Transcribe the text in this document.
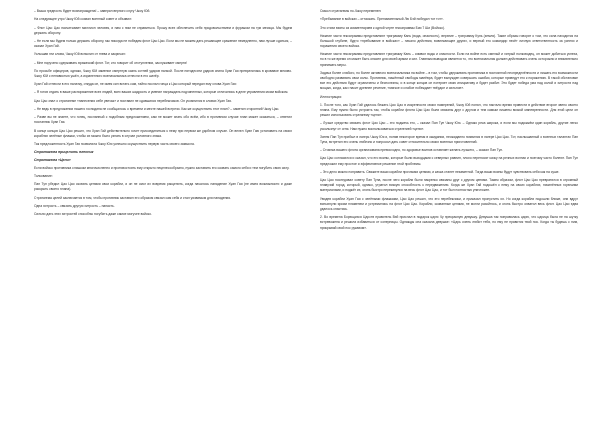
– Выша гредность будет вознаграждена! – заверил верного слугу Чжоу Юй.

На следующее утро Чжоу Юй созвал военный совет и объявил:

– Флот Цао Цао насчитывает миллион человек, и нам с ним не справиться. Прошу всех обеспечить себя продовольствием и фуражом на три месяца. Мы будем держать оборону.

– Не если мы будем только держать оборону, мы никогда не победим флот Цао Цао. Если мы не можем дать решающее сражение немедленно, нам лучше сдаться, – сказал Хуан Гай.

Услышав эти слова, Чжоу Юй вспылил от гнева и закричал:

– Мне поручено сдерживать вражеский флот. Тот, кто говорит об отступлении, заслуживает смерти!

По просьбе офицеров, однако, Чжоу Юй заменил смертную казнь сотней ударов палкой. После пятидесяти ударов спина Хуан Гая превратилась в кровавое месиво. Чжоу Юй с ненавистью ушёл, а израненного военачальника отнесли в его шатёр.

Хуан Гай отнесли в его палатку, откуда он, не имея сил встать сам, тайно послал гонца к Цао который передал ему слова Хуан Гая:

– Я готов отдать в ваше распоряжение всех людей, всех ваших шадрость и умение награждать подчиненных, которые отличились в деле управления моим войском.

Цао Цао знал о стратагеме «нанесения себе увечья» и поставил не сдавшихся перебежчиков. Он усомнился в словах Хуан Гая.

– Не ведь в предложении нашего господина не сообщалось о времени и месте нашей встречи. Как же осуществить этот план? – заметил сторонний Чжоу Цао.

– Разве вы не знаете, что гонец, посланный с подобным предложением, сам не может знать обо всём, ибо в противном случае план может оказаться, – ответил посланник Хуан Гая.

В конце концов Цао Цао решил, что Хуан Гай действительно хочет присоединиться к нему при первом же удобном случае. Он велел Хуан Гаю установить на своих кораблях зелёные флажки, чтобы их можно было узнать в случае условного знака.

Так предложенность Хуан Гая позволила Чжоу Юю успешно осуществить первую часть своего замысла.

Стратагема прицелить пленник

Стратагема «Цепи»

Если войско противника слишком многочисленно и противостоять ему открыто нецелесообразно, нужно заставить его сковать самого себя и тем погубить свою силу.

Толкование:

Пан Тун убедил Цао Цао сковать цепями свои корабли, и он не смог их вовремя расцепить, когда началось нападение Хуан Гая (не имея возможности и даже раскрыть своего плана).

Стратагема целей заключается в том, чтобы противник заставил его образом связал сам себя и стал уязвимым для нападения.

Одна хитрость – связать другую хитрость – напасть.

Сильно дать этих хитростей способны погубить даже самое могучее войско.

Смысл стратагемы по-Чжоу переменен:

«Пребывание в войсках – оттаскать. Пренимательный Лю Бэй победил тот тот».

Это стихи взяты из комментариев к одной черте гексаграммы Бии 7 Ши (Войско).

Нижние части гексаграммы представляют триграмму Кань (вода, опасность), верхние – триграмму Кунь (земля). Такие образы говорят о том, что сила находится на большой глубине, будто «пребывание в войсках» – начало действия, вовлекающее других, и верный его командир несёт личную ответственность за успехи и поражения своего войска.

Нижние части гексаграммы представляют триграмму Кань – символ воды и опасности. Если на войне есть смелый и хитрый полководец, он может добиться успеха, но в то же время он может быть опасен для своей армии и сил. Главным выводом является то, что военачальник должен действовать очень осторожно и внимательно принимать меры.

Задача более слабого, но более активного военачальника на войне – в том, чтобы удерживать противника в постоянной неопределённости и лишать его возможности свободно развивать свои силы. Противник, лишённый свободы манёвра, будет вынужден совершать ошибки, которые приведут его к поражению. В такой обстановке все его действия будут ограничены и бесполезны, и в конце концов он потеряет свою инициативу и будет разбит. Это будет победа ума над силой и хитрости над мощью, когда, как гласит древнее речение, «мягкое и слабое побеждает твёрдое и сильное».

Иллюстрация:

1. После того, как Хуан Гай удалось бежать Цао Цао в искренности своих намерений, Чжоу Юй понял, что настало время привести в действие второе звено своего плана. Ему нужно было устроить так, чтобы корабли флота Цао Цао были связаны друг с другом и тем самым лишены всякой маневренности. Для этой цели он решил использовать стратагему «цепи».

– Лучше средство связать флот Цао Цао – это поджечь его, – сказал Пан Тун Чжоу Юю. – Однако река широка, и если мы подожжём один корабль, другие легко ускользнут от огня. Нам нужно воспользоваться стратегией «цепи».

Затем Пан Тун прибыл в лагерь Чжоу Юя и, поняв некоторое время в ожидании, неожиданно появился в лагере Цао Цао. Тот, наслышанный о военных талантах Пан Туна, встретил его очень любезно и попросил дать совет относительно своих военных приготовлений.

– Стоянка вашего флота организована превосходно, но здоровье воинов оставляет желать лучшего, – сказал Пан Тун.

Цао Цао согласился и сказал, что его воины, которые были выходцами с северных равнин, плохо переносят качку на речных волнах и поэтому часто болеют. Пан Тун предложил ему простое и эффективное решение этой проблемы.

– Это дело можно поправить. Свяжите ваши корабли прочными цепями, и качка станет незаметной. Тогда ваши воины будут чувствовать себя как на суше.

Цао Цао последовал совету Пан Туна, после чего корабли были накрепко связаны друг с другом цепями. Таким образом, флот Цао Цао превратился в огромный плавучий город, который, однако, утратил всякую способность к передвижению. Когда же Хуан Гай подошёл к нему на своих кораблях, начинённых горючими материалами, и поджёг их, огонь быстро перекинулся на весь флот Цао Цао, и тот был полностью уничтожен.

Увидев корабли Хуан Гая с зелёными флажками, Цао Цао решил, что это перебежчики, и приказал пропустить их. Но когда корабли подошли ближе, они вдруг вспыхнули ярким пламенем и устремились на флот Цао Цао. Корабли, скованные цепями, не могли разойтись, и огонь быстро охватил весь флот. Цао Цао едва удалось спастись.

2. Во времена Борющихся Царств правитель Вэй прислал в подарок царю Чу прекрасную девушку. Девушка так понравилась царю, что царица была не на шутку встревожена и решила избавиться от соперницы. Однажды она сказала девушке: «Царь очень любит тебя, но ему не нравится твой нос. Когда ты будешь с ним, прикрывай свой нос рукавом».
